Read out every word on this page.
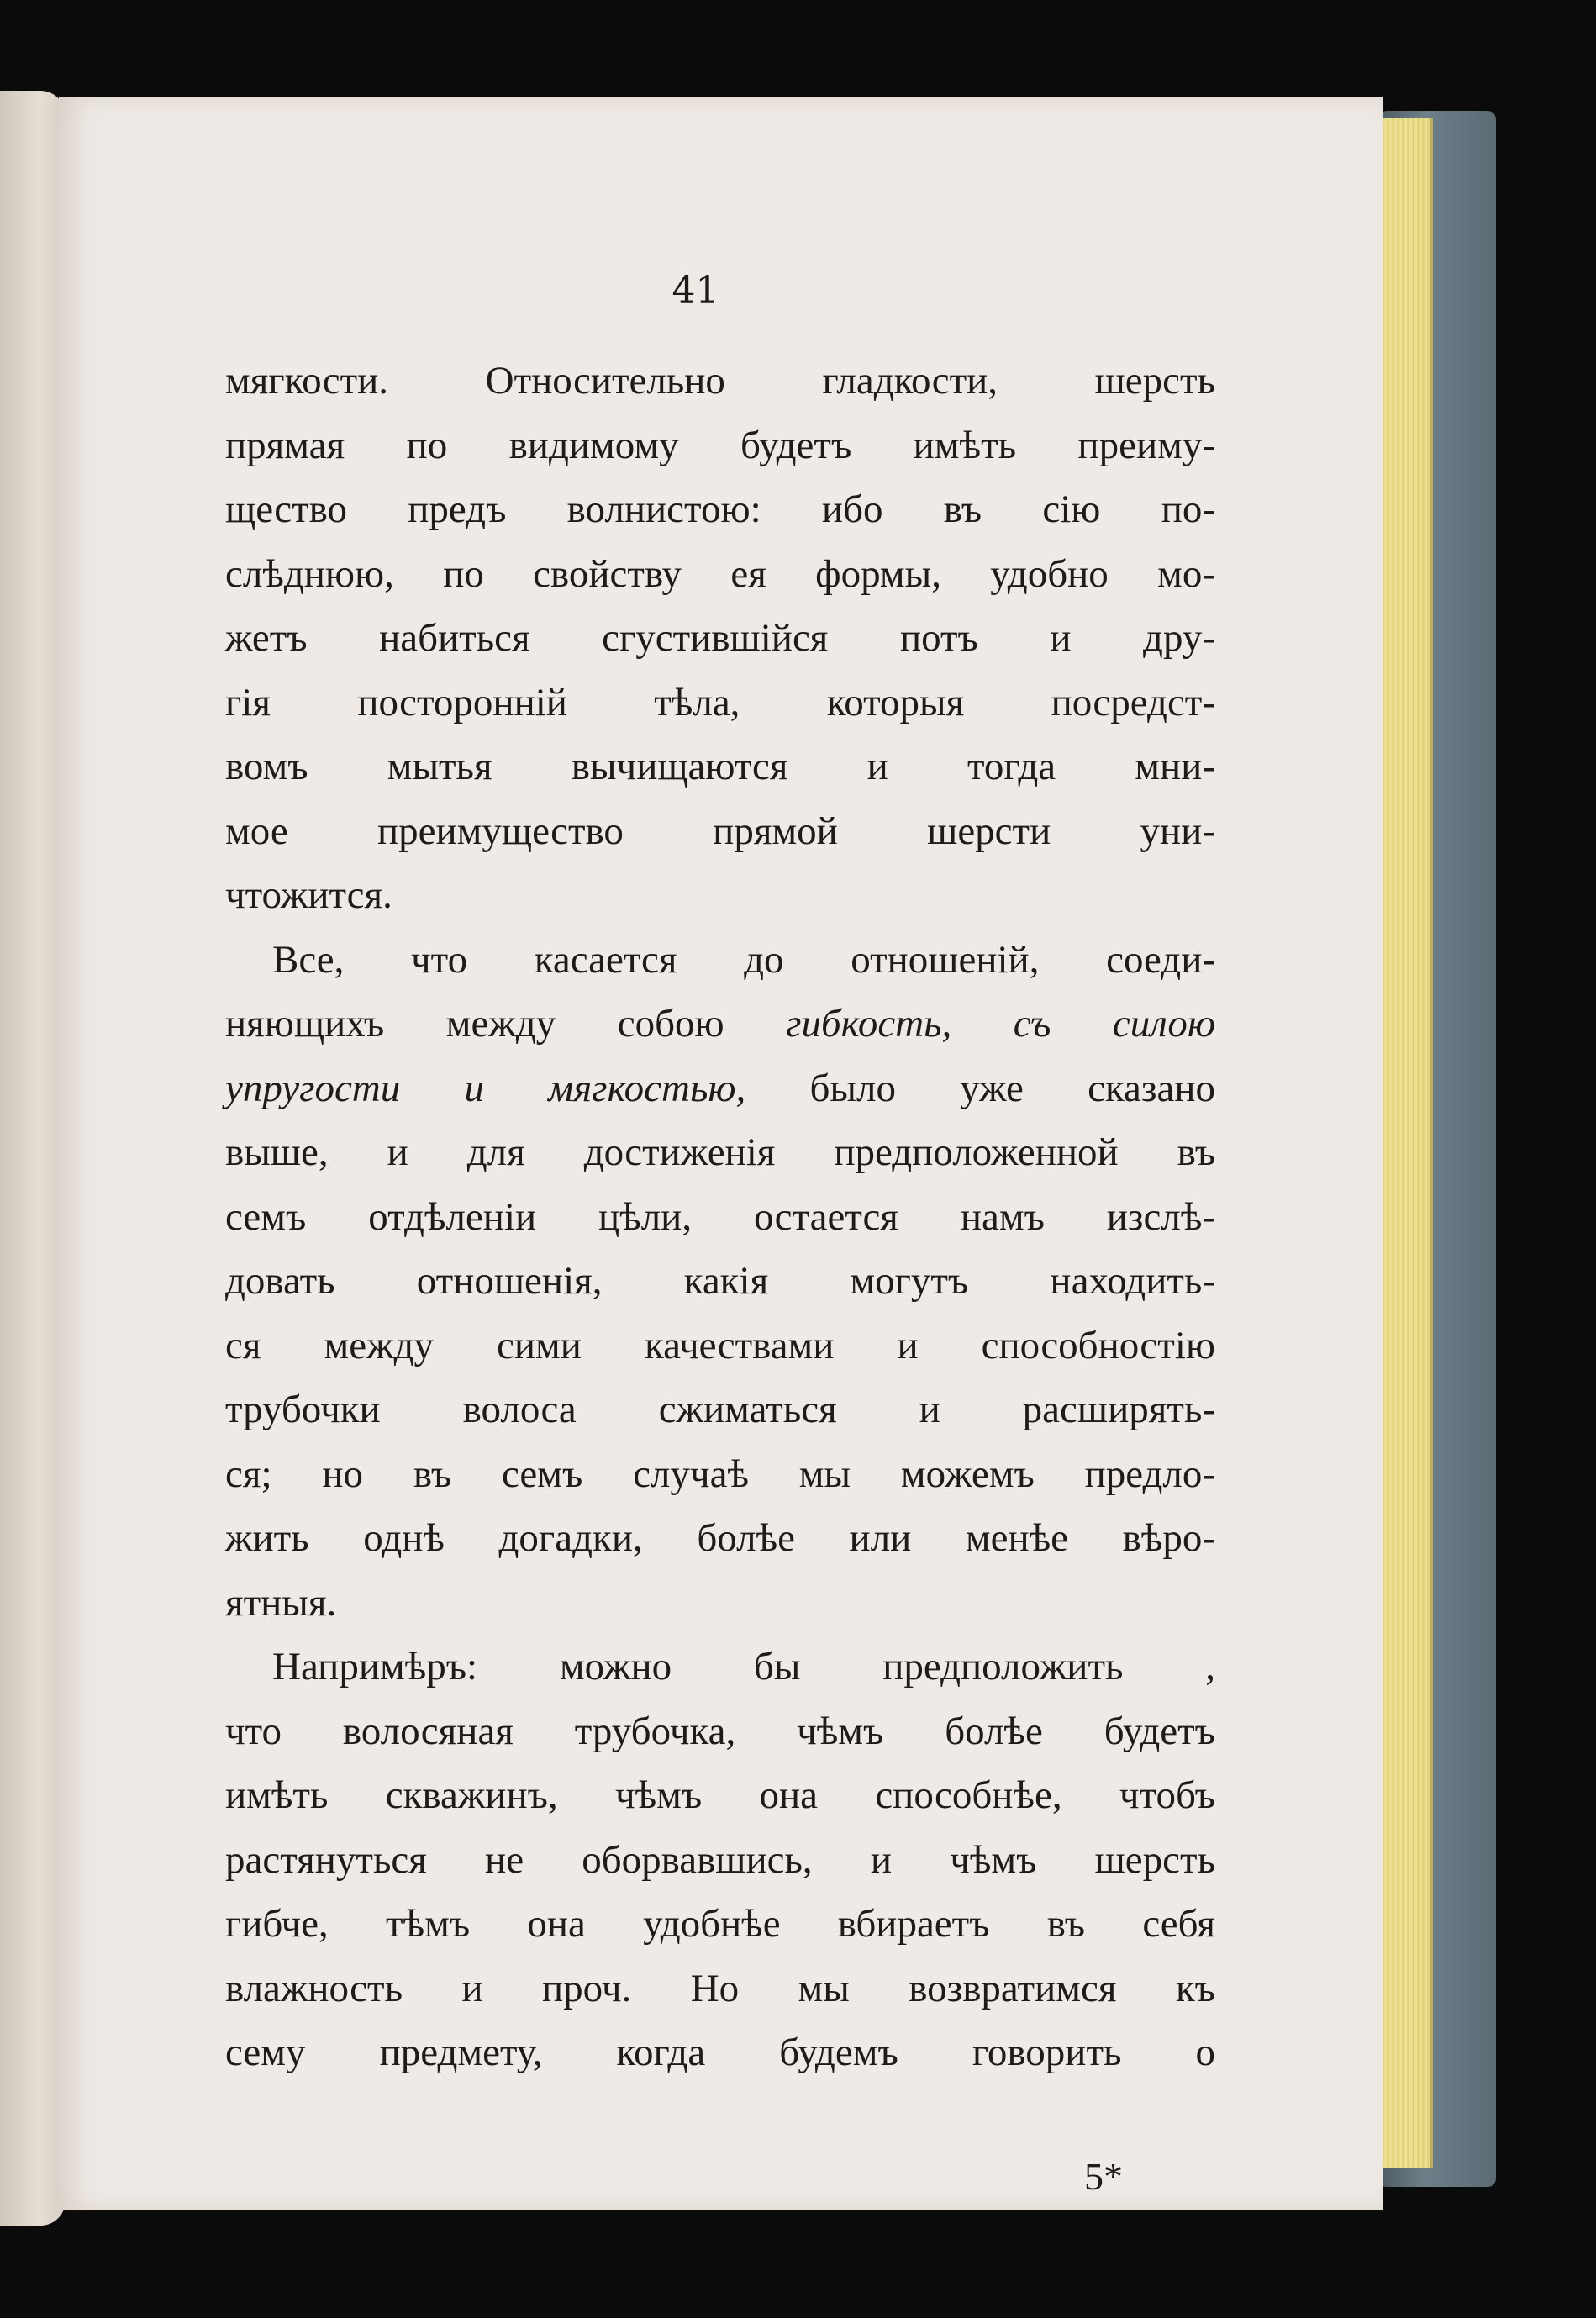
41

мягкости. Относительно гладкости, шерсть

прямая по видимому будетъ имѣть преиму-

щество предъ волнистою: ибо въ сію по-

слѣднюю, по свойству ея формы, удобно мо-

жетъ набиться сгустившійся потъ и дру-

гія посторонній тѣла, которыя посредст-

вомъ мытья вычищаются и тогда мни-

мое преимущество прямой шерсти уни-

чтожится.

Все, что касается до отношеній, соеди-

няющихъ между собою гибкость, съ силою

упругости и мягкостью, было уже сказано

выше, и для достиженія предположенной въ

семъ отдѣленіи цѣли, остается намъ изслѣ-

довать отношенія, какія могутъ находить-

ся между сими качествами и способностію

трубочки волоса сжиматься и расширять-

ся; но въ семъ случаѣ мы можемъ предло-

жить однѣ догадки, болѣе или менѣе вѣро-

ятныя.

Напримѣръ: можно бы предположить ,

что волосяная трубочка, чѣмъ болѣе будетъ

имѣть скважинъ, чѣмъ она способнѣе, чтобъ

растянуться не оборвавшись, и чѣмъ шерсть

гибче, тѣмъ она удобнѣе вбираетъ въ себя

влажность и проч. Но мы возвратимся къ

сему предмету, когда будемъ говорить о

5*
